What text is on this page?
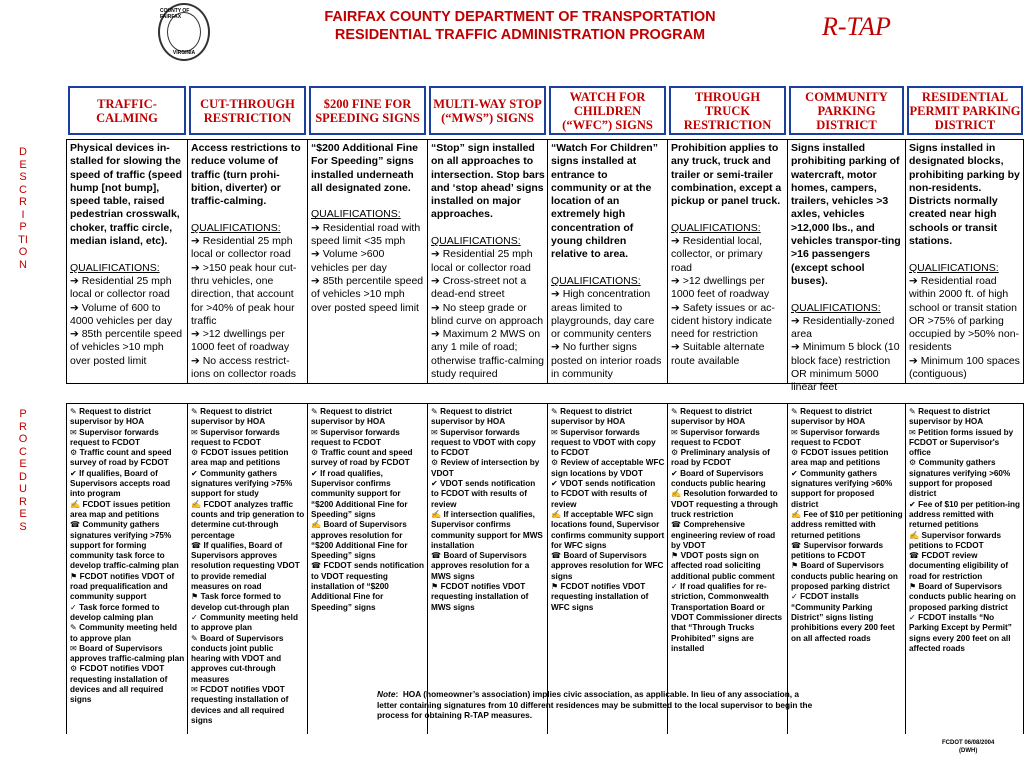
COUNTY OF FAIRFAX
VIRGINIA
FAIRFAX COUNTY DEPARTMENT OF TRANSPORTATION
RESIDENTIAL TRAFFIC ADMINISTRATION PROGRAM	R-TAP
DESCRIPTION
PROCEDURES
TRAFFIC-CALMING
Physical devices in-stalled for slowing the speed of traffic (speed hump [not bump], speed table, raised pedestrian crosswalk, choker, traffic circle, median island, etc).

QUALIFICATIONS:
➔ Residential 25 mph local or collector road
➔ Volume of 600 to 4000 vehicles per day
➔ 85th percentile speed of vehicles >10 mph over posted limit
✎ Request to district supervisor by HOA
✉ Supervisor forwards request to FCDOT
⚙ Traffic count and speed survey of road by FCDOT
✔ If qualifies, Board of Supervisors accepts road into program
✍ FCDOT issues petition area map and petitions
☎ Community gathers signatures verifying >75% support for forming community task force to develop traffic-calming plan
⚑ FCDOT notifies VDOT of road prequalification and community support
✓ Task force formed to develop calming plan
✎ Community meeting held to approve plan
✉ Board of Supervisors approves traffic-calming plan
⚙ FCDOT notifies VDOT requesting installation of devices and all required signs
CUT-THROUGH RESTRICTION
Access restrictions to reduce volume of traffic (turn prohi-bition, diverter) or traffic-calming.

QUALIFICATIONS:
➔ Residential 25 mph local or collector road
➔ >150 peak hour cut-thru vehicles, one direction, that account for >40% of peak hour traffic
➔ >12 dwellings per 1000 feet of roadway
➔ No access restrict-ions on collector roads
✎ Request to district supervisor by HOA
✉ Supervisor forwards request to FCDOT
⚙ FCDOT issues petition area map and petitions
✔ Community gathers signatures verifying >75% support for study
✍ FCDOT analyzes traffic counts and trip generation to determine cut-through percentage
☎ If qualifies, Board of Supervisors approves resolution requesting VDOT to provide remedial measures on road
⚑ Task force formed to develop cut-through plan
✓ Community meeting held to approve plan
✎ Board of Supervisors conducts joint public hearing with VDOT and approves cut-through measures
✉ FCDOT notifies VDOT requesting installation of devices and all required signs
$200 FINE FOR SPEEDING SIGNS
“$200 Additional Fine For Speeding” signs installed underneath all designated zone.

QUALIFICATIONS:
➔ Residential road with speed limit <35 mph
➔ Volume >600 vehicles per day
➔ 85th percentile speed of vehicles >10 mph over posted speed limit
✎ Request to district supervisor by HOA
✉ Supervisor forwards request to FCDOT
⚙ Traffic count and speed survey of road by FCDOT
✔ If road qualifies, Supervisor confirms community support for “$200 Additional Fine for Speeding” signs
✍ Board of Supervisors approves resolution for “$200 Additional Fine for Speeding” signs
☎ FCDOT sends notification to VDOT requesting installation of “$200 Additional Fine for Speeding” signs
MULTI-WAY STOP (“MWS”) SIGNS
“Stop” sign installed on all approaches to intersection. Stop bars and ‘stop ahead’ signs installed on major approaches.

QUALIFICATIONS:
➔ Residential 25 mph local or collector road
➔ Cross-street not a dead-end street
➔ No steep grade or blind curve on approach
➔ Maximum 2 MWS on any 1 mile of road; otherwise traffic-calming study required
✎ Request to district supervisor by HOA
✉ Supervisor forwards request to VDOT with copy to FCDOT
⚙ Review of intersection by VDOT
✔ VDOT sends notification to FCDOT with results of review
✍ If intersection qualifies, Supervisor confirms community support for MWS installation
☎ Board of Supervisors approves resolution for a MWS signs
⚑ FCDOT notifies VDOT requesting installation of MWS signs
WATCH FOR CHILDREN (“WFC”) SIGNS
“Watch For Children” signs installed at entrance to community or at the location of an extremely high concentration of young children relative to area.

QUALIFICATIONS:
➔ High concentration areas limited to playgrounds, day care or community centers
➔ No further signs posted on interior roads in community
✎ Request to district supervisor by HOA
✉ Supervisor forwards request to VDOT with copy to FCDOT
⚙ Review of acceptable WFC sign locations by VDOT
✔ VDOT sends notification to FCDOT with results of review
✍ If acceptable WFC sign locations found, Supervisor confirms community support for WFC signs
☎ Board of Supervisors approves resolution for WFC signs
⚑ FCDOT notifies VDOT requesting installation of WFC signs
THROUGH TRUCK RESTRICTION
Prohibition applies to any truck, truck and trailer or semi-trailer combination, except a pickup or panel truck.

QUALIFICATIONS:
➔ Residential local, collector, or primary road
➔ >12 dwellings per 1000 feet of roadway
➔ Safety issues or ac-cident history indicate need for restriction
➔ Suitable alternate route available
✎ Request to district supervisor by HOA
✉ Supervisor forwards request to FCDOT
⚙ Preliminary analysis of road by FCDOT
✔ Board of Supervisors conducts public hearing
✍ Resolution forwarded to VDOT requesting a through truck restriction
☎ Comprehensive engineering review of road by VDOT
⚑ VDOT posts sign on affected road soliciting additional public comment
✓ If road qualifies for re-striction, Commonwealth Transportation Board or VDOT Commissioner directs that “Through Trucks Prohibited” signs are installed
COMMUNITY PARKING DISTRICT
Signs installed prohibiting parking of watercraft, motor homes, campers, trailers, vehicles >3 axles, vehicles >12,000 lbs., and vehicles transpor-ting >16 passengers (except school buses).

QUALIFICATIONS:
➔ Residentially-zoned area
➔ Minimum 5 block (10 block face) restriction OR minimum 5000 linear feet
✎ Request to district supervisor by HOA
✉ Supervisor forwards request to FCDOT
⚙ FCDOT issues petition area map and petitions
✔ Community gathers signatures verifying >60% support for proposed district
✍ Fee of $10 per petitioning address remitted with returned petitions
☎ Supervisor forwards petitions to FCDOT
⚑ Board of Supervisors conducts public hearing on proposed parking district
✓ FCDOT installs “Community Parking District” signs listing prohibitions every 200 feet on all affected roads
RESIDENTIAL PERMIT PARKING DISTRICT
Signs installed in designated blocks, prohibiting parking by non-residents. Districts normally created near high schools or transit stations.

QUALIFICATIONS:
➔ Residential road within 2000 ft. of high school or transit station OR >75% of parking occupied by >50% non-residents
➔ Minimum 100 spaces (contiguous)
✎ Request to district supervisor by HOA
✉ Petition forms issued by FCDOT or Supervisor's office
⚙ Community gathers signatures verifying >60% support for proposed district
✔ Fee of $10 per petition-ing address remitted with returned petitions
✍ Supervisor forwards petitions to FCDOT
☎ FCDOT review documenting eligibility of road for restriction
⚑ Board of Supervisors conducts public hearing on proposed parking district
✓ FCDOT installs “No Parking Except by Permit” signs every 200 feet on all affected roads
Note:  HOA (homeowner’s association) implies civic association, as applicable. In lieu of any association, a letter containing signatures from 10 different residences may be submitted to the local supervisor to begin the process for obtaining R-TAP measures.
FCDOT 06/08/2004
(DWH)
